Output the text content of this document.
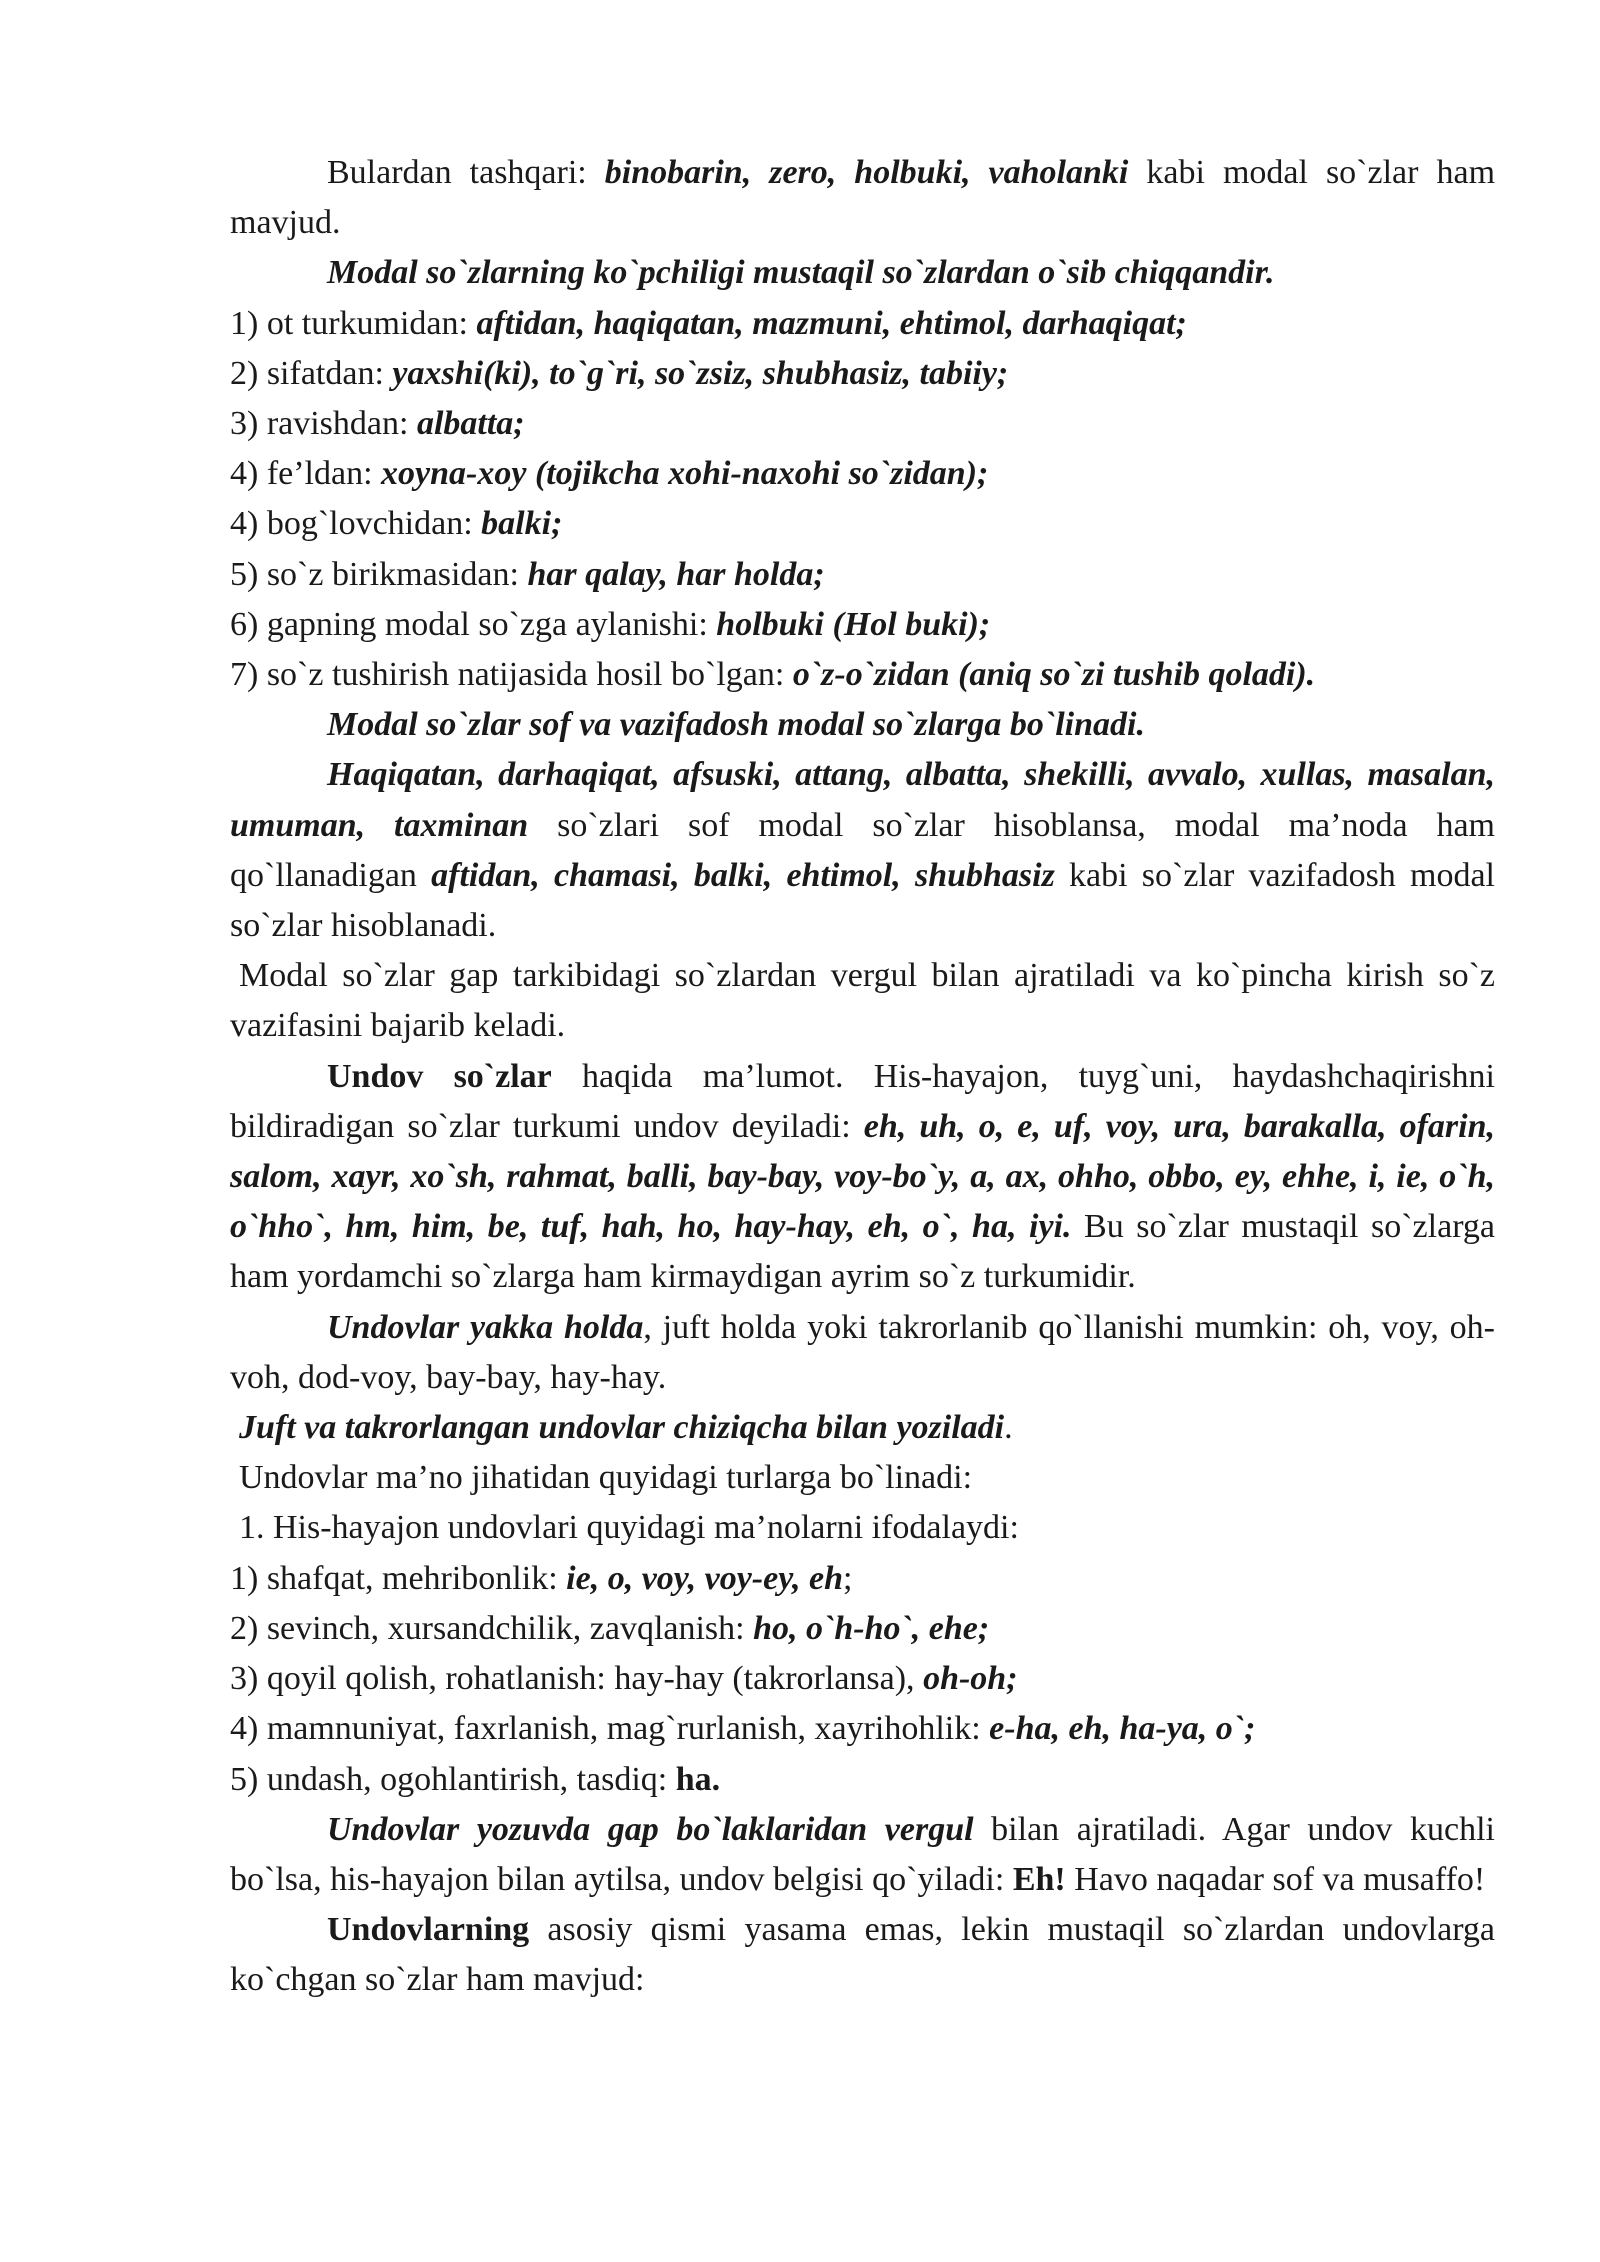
Bulardan tashqari: binobarin, zero, holbuki, vaholanki kabi modal so`zlar ham mavjud.

Modal so`zlarning ko`pchiligi mustaqil so`zlardan o`sib chiqqandir.

1) ot turkumidan: aftidan, haqiqatan, mazmuni, ehtimol, darhaqiqat;

2) sifatdan: yaxshi(ki), to`g`ri, so`zsiz, shubhasiz, tabiiy;

3) ravishdan: albatta;

4) fe’ldan: xoyna-xoy (tojikcha xohi-naxohi so`zidan);

4) bog`lovchidan: balki;

5) so`z birikmasidan: har qalay, har holda;

6) gapning modal so`zga aylanishi: holbuki (Hol buki);

7) so`z tushirish natijasida hosil bo`lgan: o`z-o`zidan (aniq so`zi tushib qoladi).

Modal so`zlar sof va vazifadosh modal so`zlarga bo`linadi.

Haqiqatan, darhaqiqat, afsuski, attang, albatta, shekilli, avvalo, xullas, masalan, umuman, taxminan so`zlari sof modal so`zlar hisoblansa, modal ma’noda ham qo`llanadigan aftidan, chamasi, balki, ehtimol, shubhasiz kabi so`zlar vazifadosh modal so`zlar hisoblanadi.

Modal so`zlar gap tarkibidagi so`zlardan vergul bilan ajratiladi va ko`pincha kirish so`z vazifasini bajarib keladi.

Undov so`zlar haqida ma’lumot. His-hayajon, tuyg`uni, haydashchaqirishni bildiradigan so`zlar turkumi undov deyiladi: eh, uh, o, e, uf, voy, ura, barakalla, ofarin, salom, xayr, xo`sh, rahmat, balli, bay-bay, voy-bo`y, a, ax, ohho, obbo, ey, ehhe, i, ie, o`h, o`hho`, hm, him, be, tuf, hah, ho, hay-hay, eh, o`, ha, iyi. Bu so`zlar mustaqil so`zlarga ham yordamchi so`zlarga ham kirmaydigan ayrim so`z turkumidir.

Undovlar yakka holda, juft holda yoki takrorlanib qo`llanishi mumkin: oh, voy, oh-voh, dod-voy, bay-bay, hay-hay.

Juft va takrorlangan undovlar chiziqcha bilan yoziladi.

Undovlar ma’no jihatidan quyidagi turlarga bo`linadi:

1. His-hayajon undovlari quyidagi ma’nolarni ifodalaydi:

1) shafqat, mehribonlik: ie, o, voy, voy-ey, eh;

2) sevinch, xursandchilik, zavqlanish: ho, o`h-ho`, ehe;

3) qoyil qolish, rohatlanish: hay-hay (takrorlansa), oh-oh;

4) mamnuniyat, faxrlanish, mag`rurlanish, xayrihohlik: e-ha, eh, ha-ya, o`;

5) undash, ogohlantirish, tasdiq: ha.

Undovlar yozuvda gap bo`laklaridan vergul bilan ajratiladi. Agar undov kuchli bo`lsa, his-hayajon bilan aytilsa, undov belgisi qo`yiladi: Eh! Havo naqadar sof va musaffo!

Undovlarning asosiy qismi yasama emas, lekin mustaqil so`zlardan undovlarga ko`chgan so`zlar ham mavjud:
